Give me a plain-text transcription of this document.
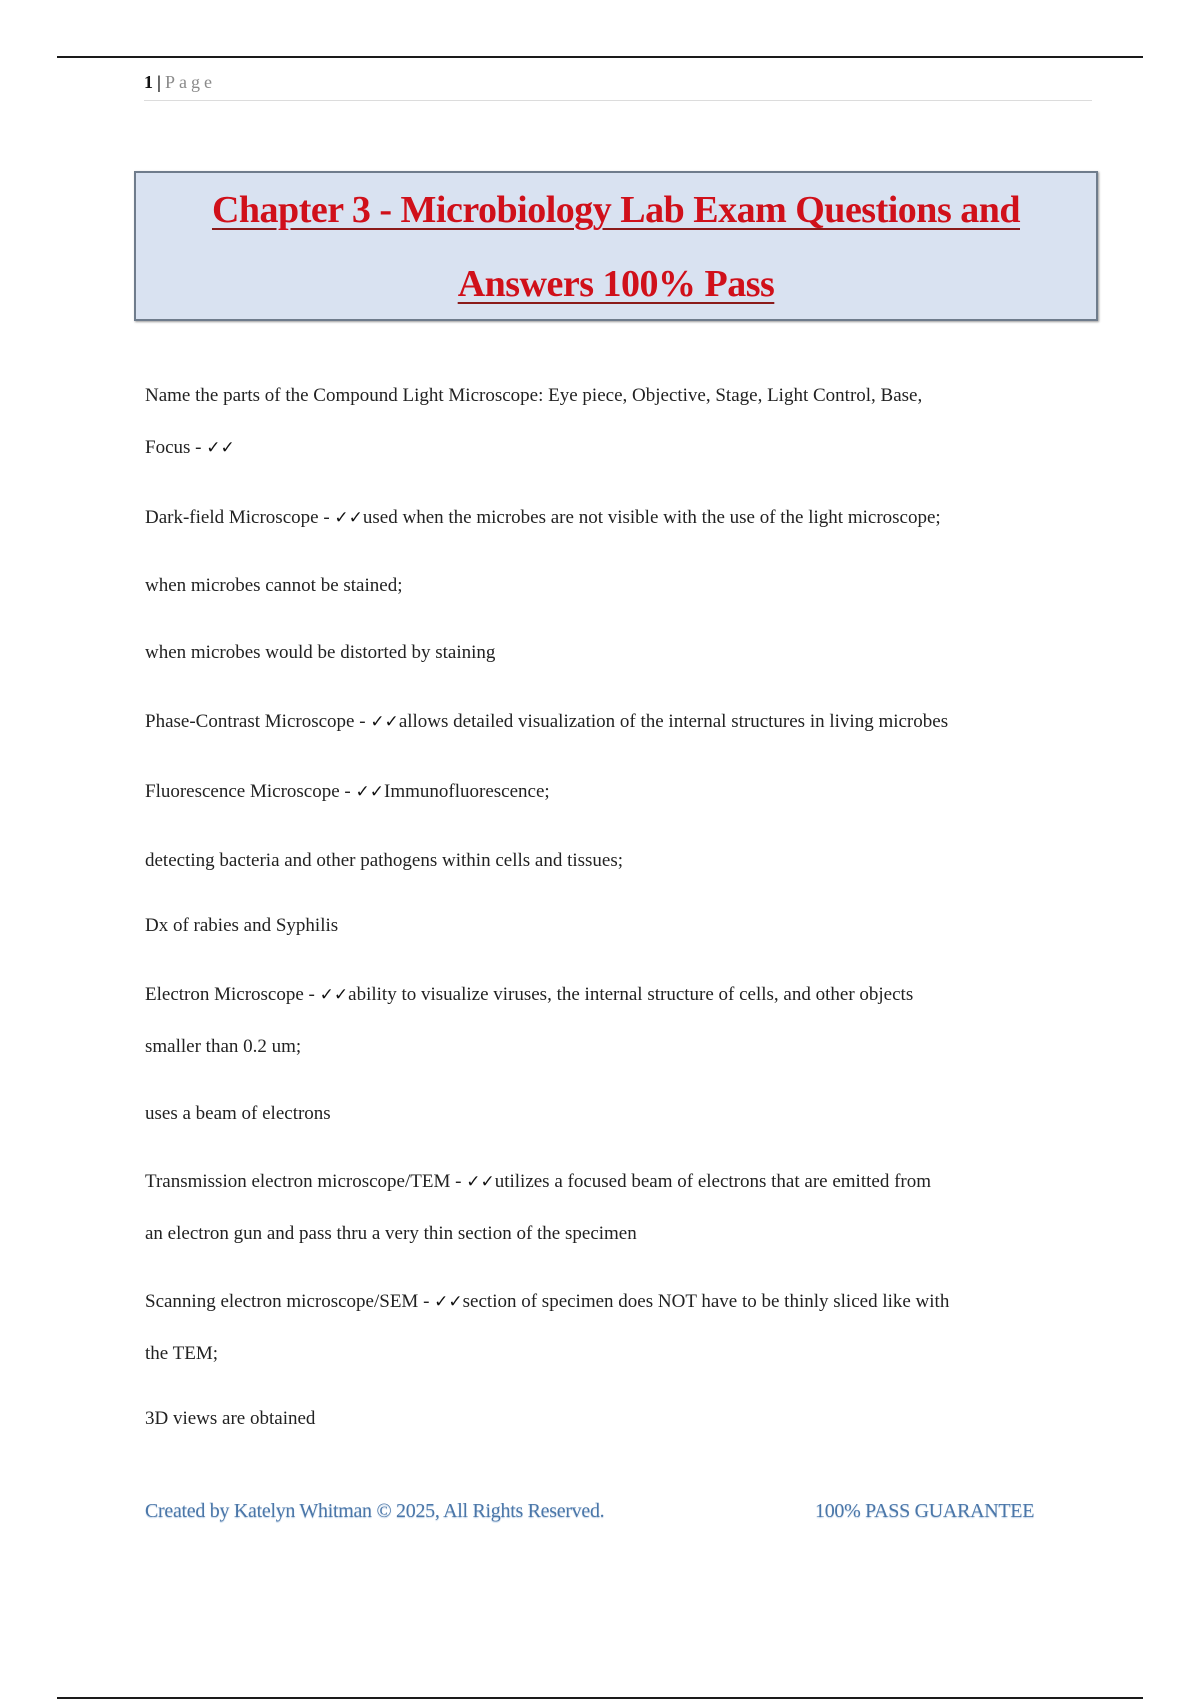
1 | Page
Chapter 3 - Microbiology Lab Exam Questions and
Answers 100% Pass
Name the parts of the Compound Light Microscope: Eye piece, Objective, Stage, Light Control, Base,
Focus - ✓✓
Dark-field Microscope - ✓✓used when the microbes are not visible with the use of the light microscope;
when microbes cannot be stained;
when microbes would be distorted by staining
Phase-Contrast Microscope - ✓✓allows detailed visualization of the internal structures in living microbes
Fluorescence Microscope - ✓✓Immunofluorescence;
detecting bacteria and other pathogens within cells and tissues;
Dx of rabies and Syphilis
Electron Microscope - ✓✓ability to visualize viruses, the internal structure of cells, and other objects
smaller than 0.2 um;
uses a beam of electrons
Transmission electron microscope/TEM - ✓✓utilizes a focused beam of electrons that are emitted from
an electron gun and pass thru a very thin section of the specimen
Scanning electron microscope/SEM - ✓✓section of specimen does NOT have to be thinly sliced like with
the TEM;
3D views are obtained
Created by Katelyn Whitman © 2025, All Rights Reserved.	100% PASS GUARANTEE
